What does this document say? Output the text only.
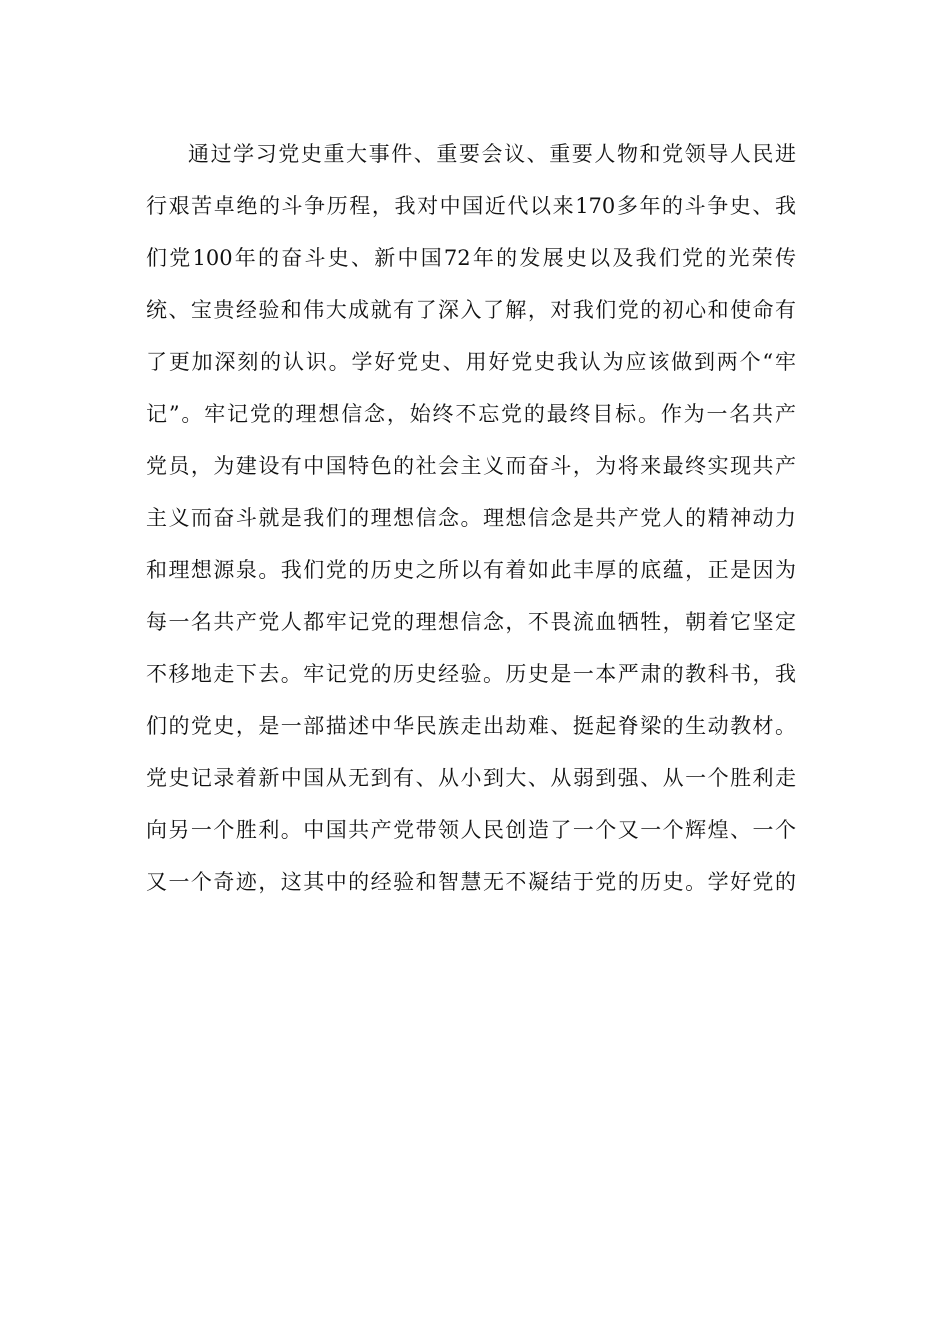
通过学习党史重大事件、重要会议、重要人物和党领导人民进
行艰苦卓绝的斗争历程，我对中国近代以来170多年的斗争史、我
们党100年的奋斗史、新中国72年的发展史以及我们党的光荣传
统、宝贵经验和伟大成就有了深入了解，对我们党的初心和使命有
了更加深刻的认识。学好党史、用好党史我认为应该做到两个“牢
记”。牢记党的理想信念，始终不忘党的最终目标。作为一名共产
党员，为建设有中国特色的社会主义而奋斗，为将来最终实现共产
主义而奋斗就是我们的理想信念。理想信念是共产党人的精神动力
和理想源泉。我们党的历史之所以有着如此丰厚的底蕴，正是因为
每一名共产党人都牢记党的理想信念，不畏流血牺牲，朝着它坚定
不移地走下去。牢记党的历史经验。历史是一本严肃的教科书，我
们的党史，是一部描述中华民族走出劫难、挺起脊梁的生动教材。
党史记录着新中国从无到有、从小到大、从弱到强、从一个胜利走
向另一个胜利。中国共产党带领人民创造了一个又一个辉煌、一个
又一个奇迹，这其中的经验和智慧无不凝结于党的历史。学好党的
